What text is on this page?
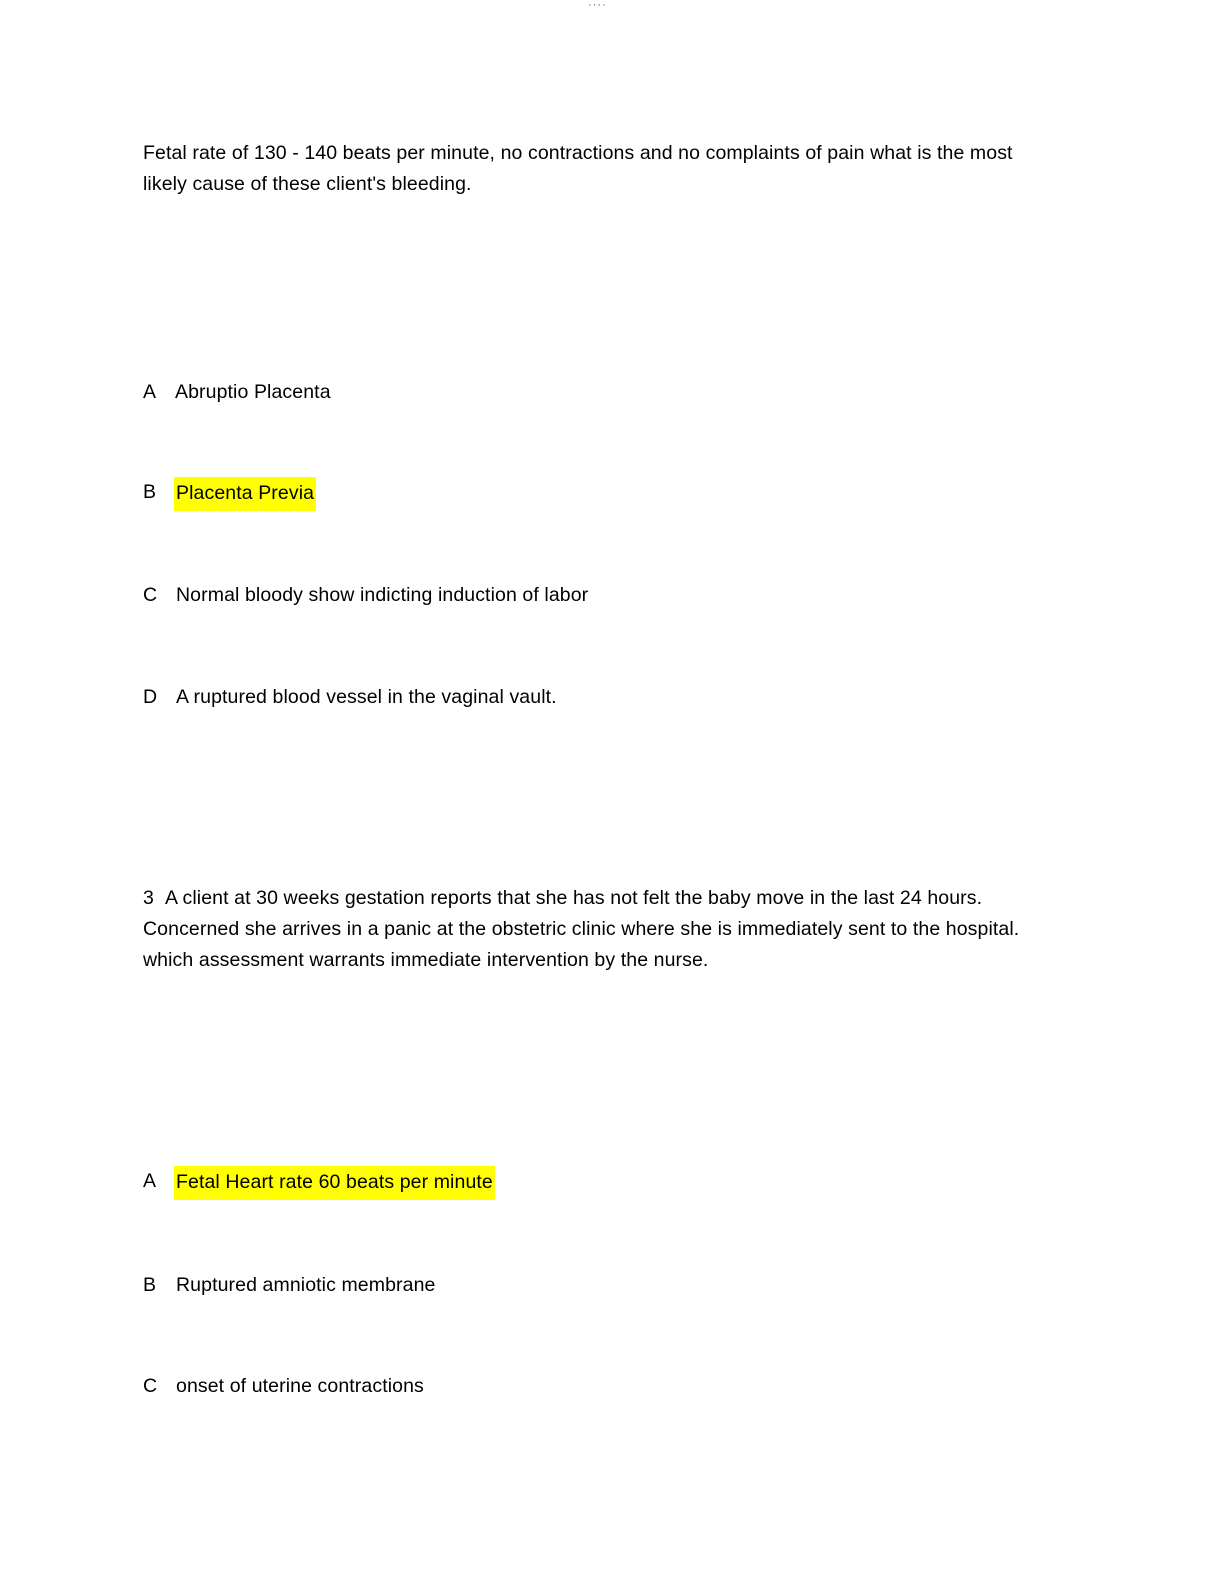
····

Fetal rate of 130 - 140 beats per minute, no contractions and no complaints of pain what is the most likely cause of these client's bleeding.

A Abruptio Placenta
B	Placenta Previa
C Normal bloody show indicting induction of labor
D A ruptured blood vessel in the vaginal vault.

3 A client at 30 weeks gestation reports that she has not felt the baby move in the last 24 hours. Concerned she arrives in a panic at the obstetric clinic where she is immediately sent to the hospital. which assessment warrants immediate intervention by the nurse.

A	Fetal Heart rate 60 beats per minute
B	Ruptured amniotic membrane
C onset of uterine contractions
